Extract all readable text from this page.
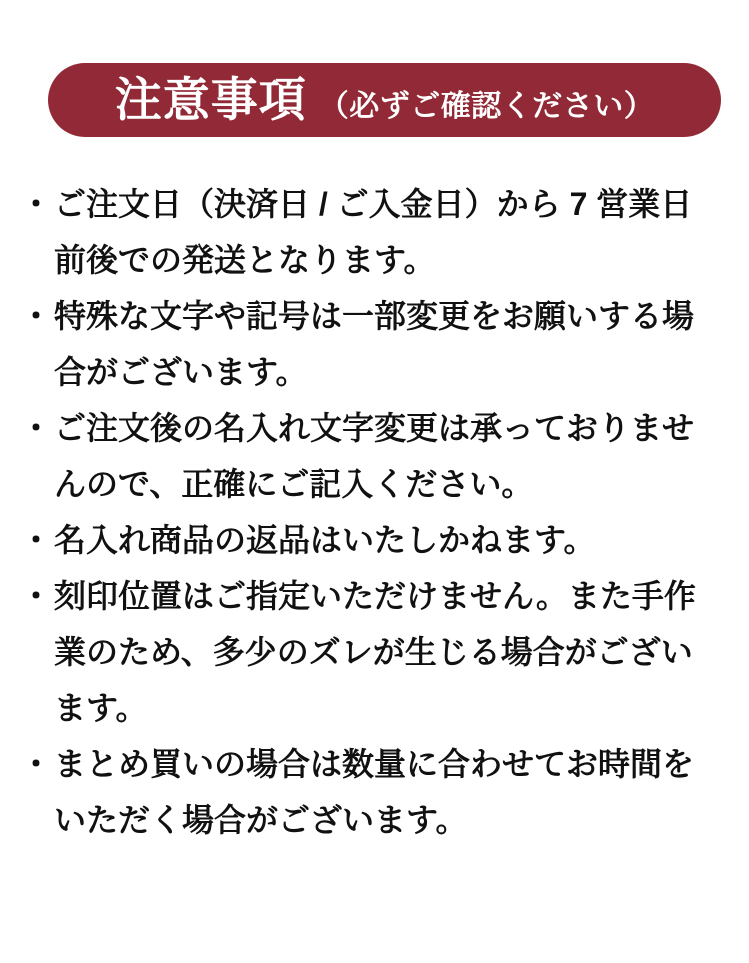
注意事項 （必ずご確認ください）
・ ご注文日（決済日 / ご入金日）から 7 営業日
前後での発送となります。
・ 特殊な文字や記号は一部変更をお願いする場
合がございます。
・ ご注文後の名入れ文字変更は承っておりませ
んので、正確にご記入ください。
・ 名入れ商品の返品はいたしかねます。
・ 刻印位置はご指定いただけません。また手作
業のため、多少のズレが生じる場合がござい
ます。
・ まとめ買いの場合は数量に合わせてお時間を
いただく場合がございます。
